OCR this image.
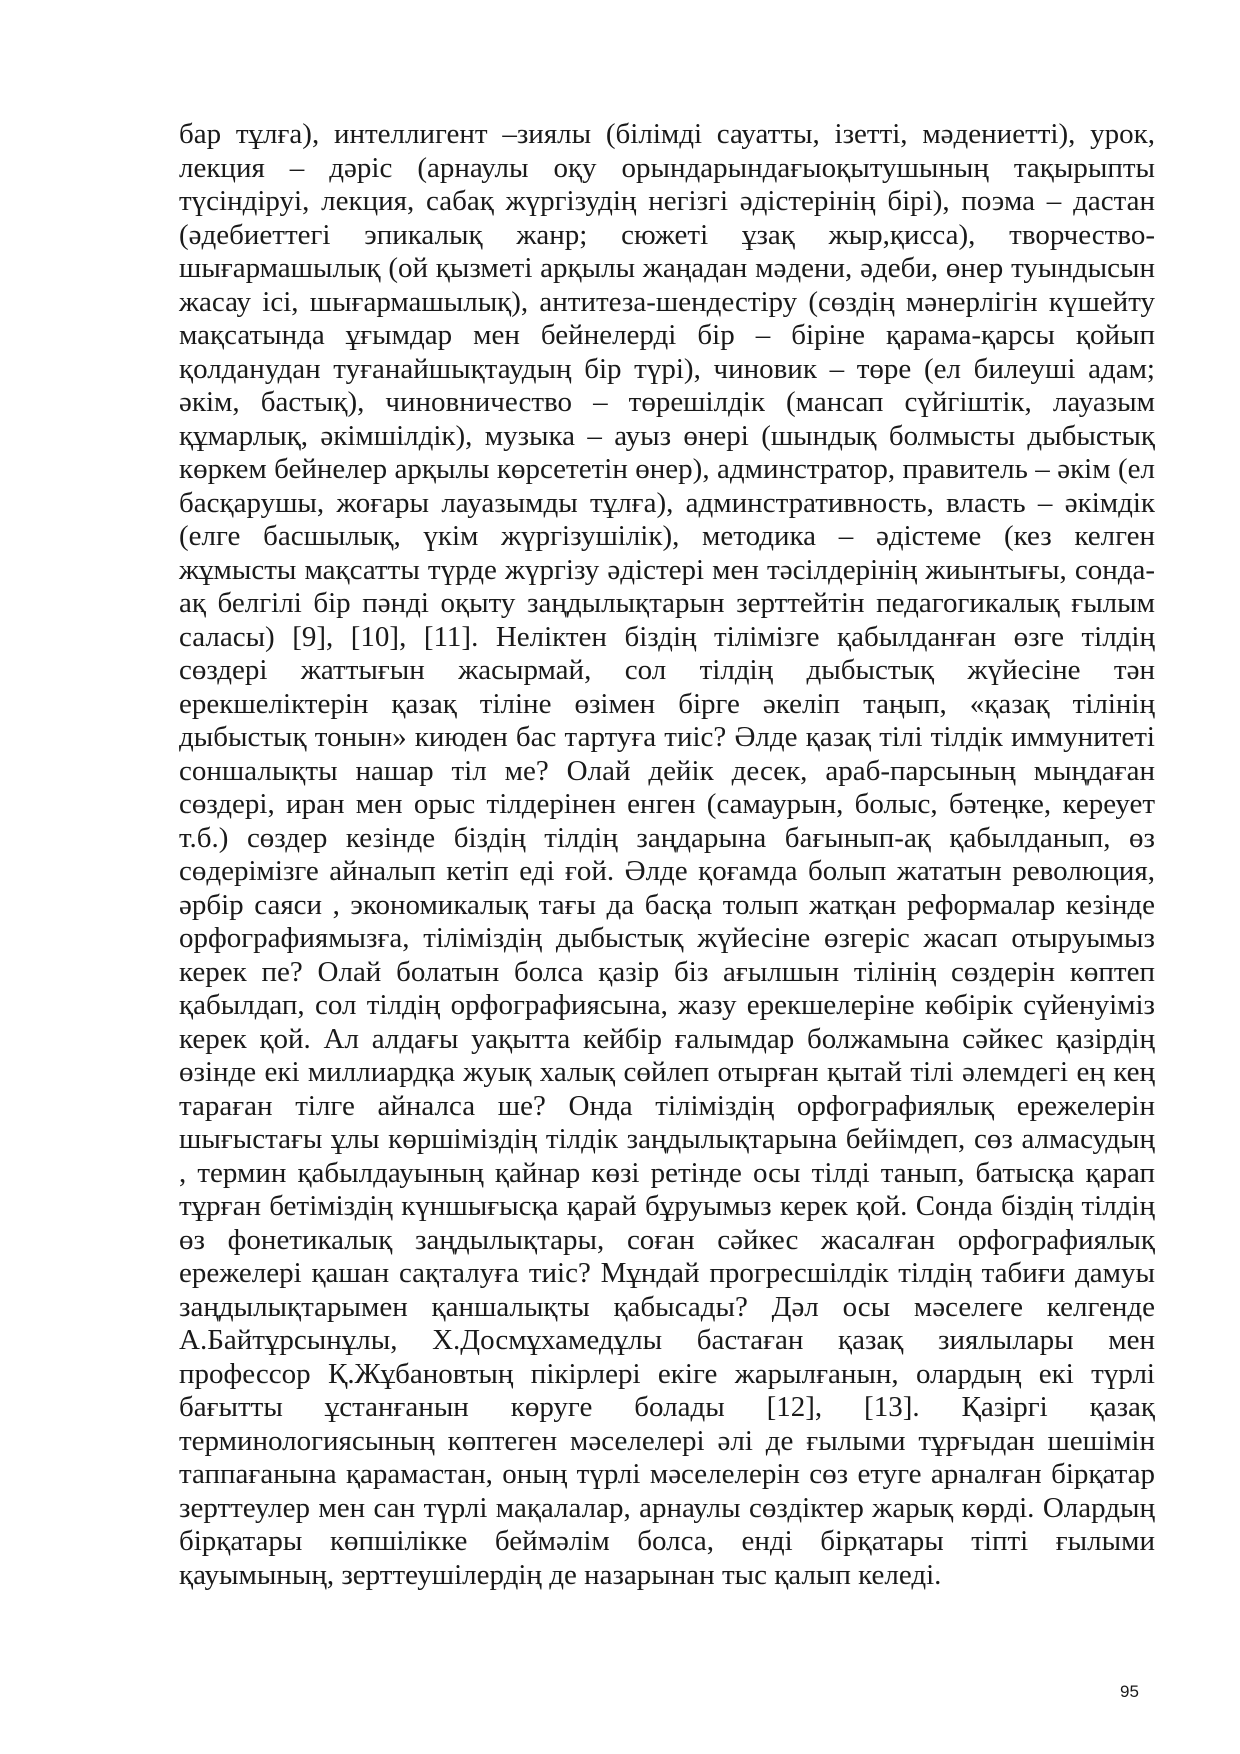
бар тұлға), интеллигент –зиялы (білімді сауатты, ізетті, мәдениетті), урок, лекция – дәріс (арнаулы оқу орындарындағыоқытушының тақырыпты түсіндіруі, лекция, сабақ жүргізудің негізгі әдістерінің бірі), поэма – дастан (әдебиеттегі эпикалық жанр; сюжеті ұзақ жыр,қисса), творчество-шығармашылық (ой қызметі арқылы жаңадан мәдени, әдеби, өнер туындысын жасау ісі, шығармашылық), антитеза-шендестіру (сөздің мәнерлігін күшейту мақсатында ұғымдар мен бейнелерді бір – біріне қарама-қарсы қойып қолданудан туғанайшықтаудың бір түрі), чиновик – төре (ел билеуші адам; әкім, бастық), чиновничество – төрешілдік (мансап сүйгіштік, лауазым құмарлық, әкімшілдік), музыка – ауыз өнері (шындық болмысты дыбыстық көркем бейнелер арқылы көрсететін өнер), админстратор, правитель – әкім (ел басқарушы, жоғары лауазымды тұлға), админстративность, власть – әкімдік (елге басшылық, үкім жүргізушілік), методика – әдістеме (кез келген жұмысты мақсатты түрде жүргізу әдістері мен тәсілдерінің жиынтығы, сонда-ақ белгілі бір пәнді оқыту заңдылықтарын зерттейтін педагогикалық ғылым саласы) [9], [10], [11]. Неліктен біздің тілімізге қабылданған өзге тілдің сөздері жаттығын жасырмай, сол тілдің дыбыстық жүйесіне тән ерекшеліктерін қазақ тіліне өзімен бірге әкеліп таңып, «қазақ тілінің дыбыстық тонын» киюден бас тартуға тиіс? Әлде қазақ тілі тілдік иммунитеті соншалықты нашар тіл ме? Олай дейік десек, араб-парсының мыңдаған сөздері, иран мен орыс тілдерінен енген (самаурын, болыс, бәтеңке, кереует т.б.) сөздер кезінде біздің тілдің заңдарына бағынып-ақ қабылданып, өз сөдерімізге айналып кетіп еді ғой. Әлде қоғамда болып жататын революция, әрбір саяси , экономикалық тағы да басқа толып жатқан реформалар кезінде орфографиямызға, тіліміздің дыбыстық жүйесіне өзгеріс жасап отыруымыз керек пе? Олай болатын болса қазір біз ағылшын тілінің сөздерін көптеп қабылдап, сол тілдің орфографиясына, жазу ерекшелеріне көбірік сүйенуіміз керек қой. Ал алдағы уақытта кейбір ғалымдар болжамына сәйкес қазірдің өзінде екі миллиардқа жуық халық сөйлеп отырған қытай тілі әлемдегі ең кең тараған тілге айналса ше? Онда тіліміздің орфографиялық ережелерін шығыстағы ұлы көршіміздің тілдік заңдылықтарына бейімдеп, сөз алмасудың , термин қабылдауының қайнар көзі ретінде осы тілді танып, батысқа қарап тұрған бетіміздің күншығысқа қарай бұруымыз керек қой. Сонда біздің тілдің өз фонетикалық заңдылықтары, соған сәйкес жасалған орфографиялық ережелері қашан сақталуға тиіс? Мұндай прогресшілдік тілдің табиғи дамуы заңдылықтарымен қаншалықты қабысады? Дәл осы мәселеге келгенде А.Байтұрсынұлы, Х.Досмұхамедұлы бастаған қазақ зиялылары мен профессор Қ.Жұбановтың пікірлері екіге жарылғанын, олардың екі түрлі бағытты ұстанғанын көруге болады [12], [13]. Қазіргі қазақ терминологиясының көптеген мәселелері әлі де ғылыми тұрғыдан шешімін таппағанына қарамастан, оның түрлі мәселелерін сөз етуге арналған бірқатар зерттеулер мен сан түрлі мақалалар, арнаулы сөздіктер жарық көрді. Олардың бірқатары көпшілікке беймәлім болса, енді бірқатары тіпті ғылыми қауымының, зерттеушілердің де назарынан тыс қалып келеді.

95
